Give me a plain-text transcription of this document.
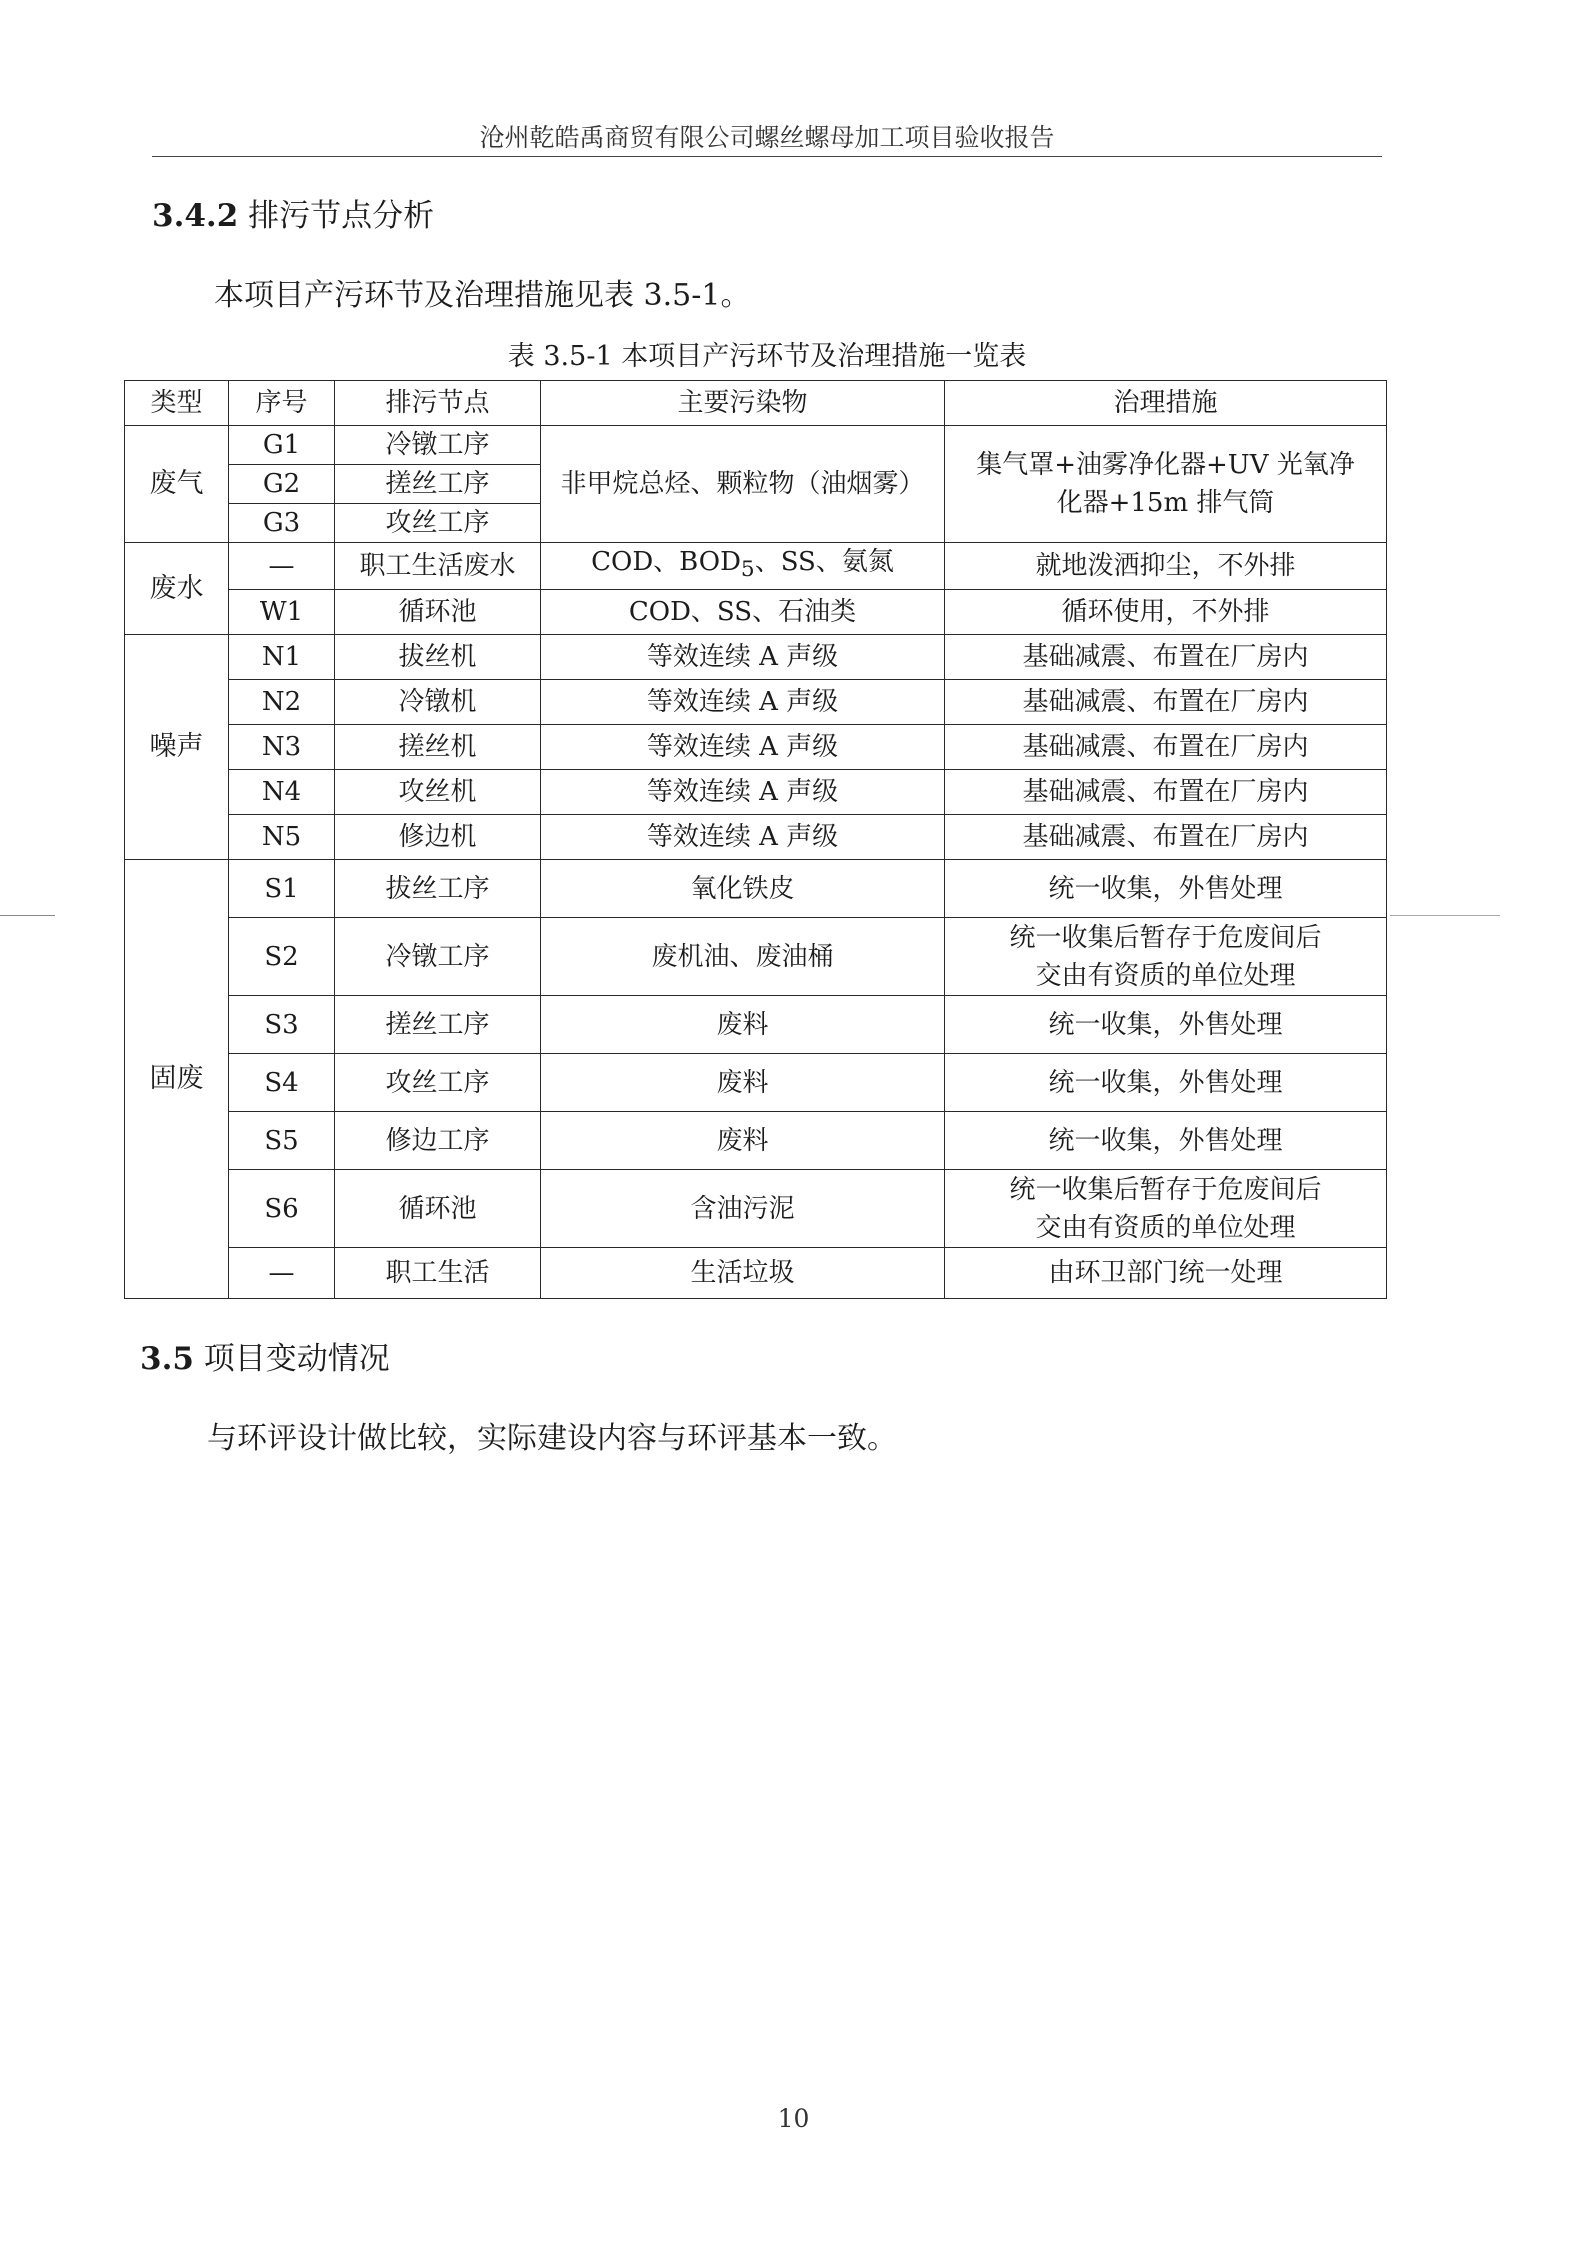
沧州乾皓禹商贸有限公司螺丝螺母加工项目验收报告
3.4.2 排污节点分析
本项目产污环节及治理措施见表 3.5-1。
表 3.5-1 本项目产污环节及治理措施一览表
类型	序号	排污节点	主要污染物	治理措施
废气	G1	冷镦工序	非甲烷总烃、颗粒物（油烟雾）	集气罩+油雾净化器+UV 光氧净
化器+15m 排气筒

	G2	搓丝工序		
	G3	攻丝工序		
废水	—	职工生活废水	COD、$BOD_5$、SS、氨氮	就地泼洒抑尘，不外排
	W1	循环池	COD、SS、石油类	循环使用，不外排
噪声	N1	拔丝机	等效连续 A 声级	基础减震、布置在厂房内
	N2	冷镦机	等效连续 A 声级	基础减震、布置在厂房内
	N3	搓丝机	等效连续 A 声级	基础减震、布置在厂房内
	N4	攻丝机	等效连续 A 声级	基础减震、布置在厂房内
	N5	修边机	等效连续 A 声级	基础减震、布置在厂房内
固废	S1	拔丝工序	氧化铁皮	统一收集，外售处理
	S2	冷镦工序	废机油、废油桶	统一收集后暂存于危废间后
交由有资质的单位处理

	S3	搓丝工序	废料	统一收集，外售处理
	S4	攻丝工序	废料	统一收集，外售处理
	S5	修边工序	废料	统一收集，外售处理
	S6	循环池	含油污泥	统一收集后暂存于危废间后
交由有资质的单位处理

	—	职工生活	生活垃圾	由环卫部门统一处理
3.5 项目变动情况
与环评设计做比较，实际建设内容与环评基本一致。
10
